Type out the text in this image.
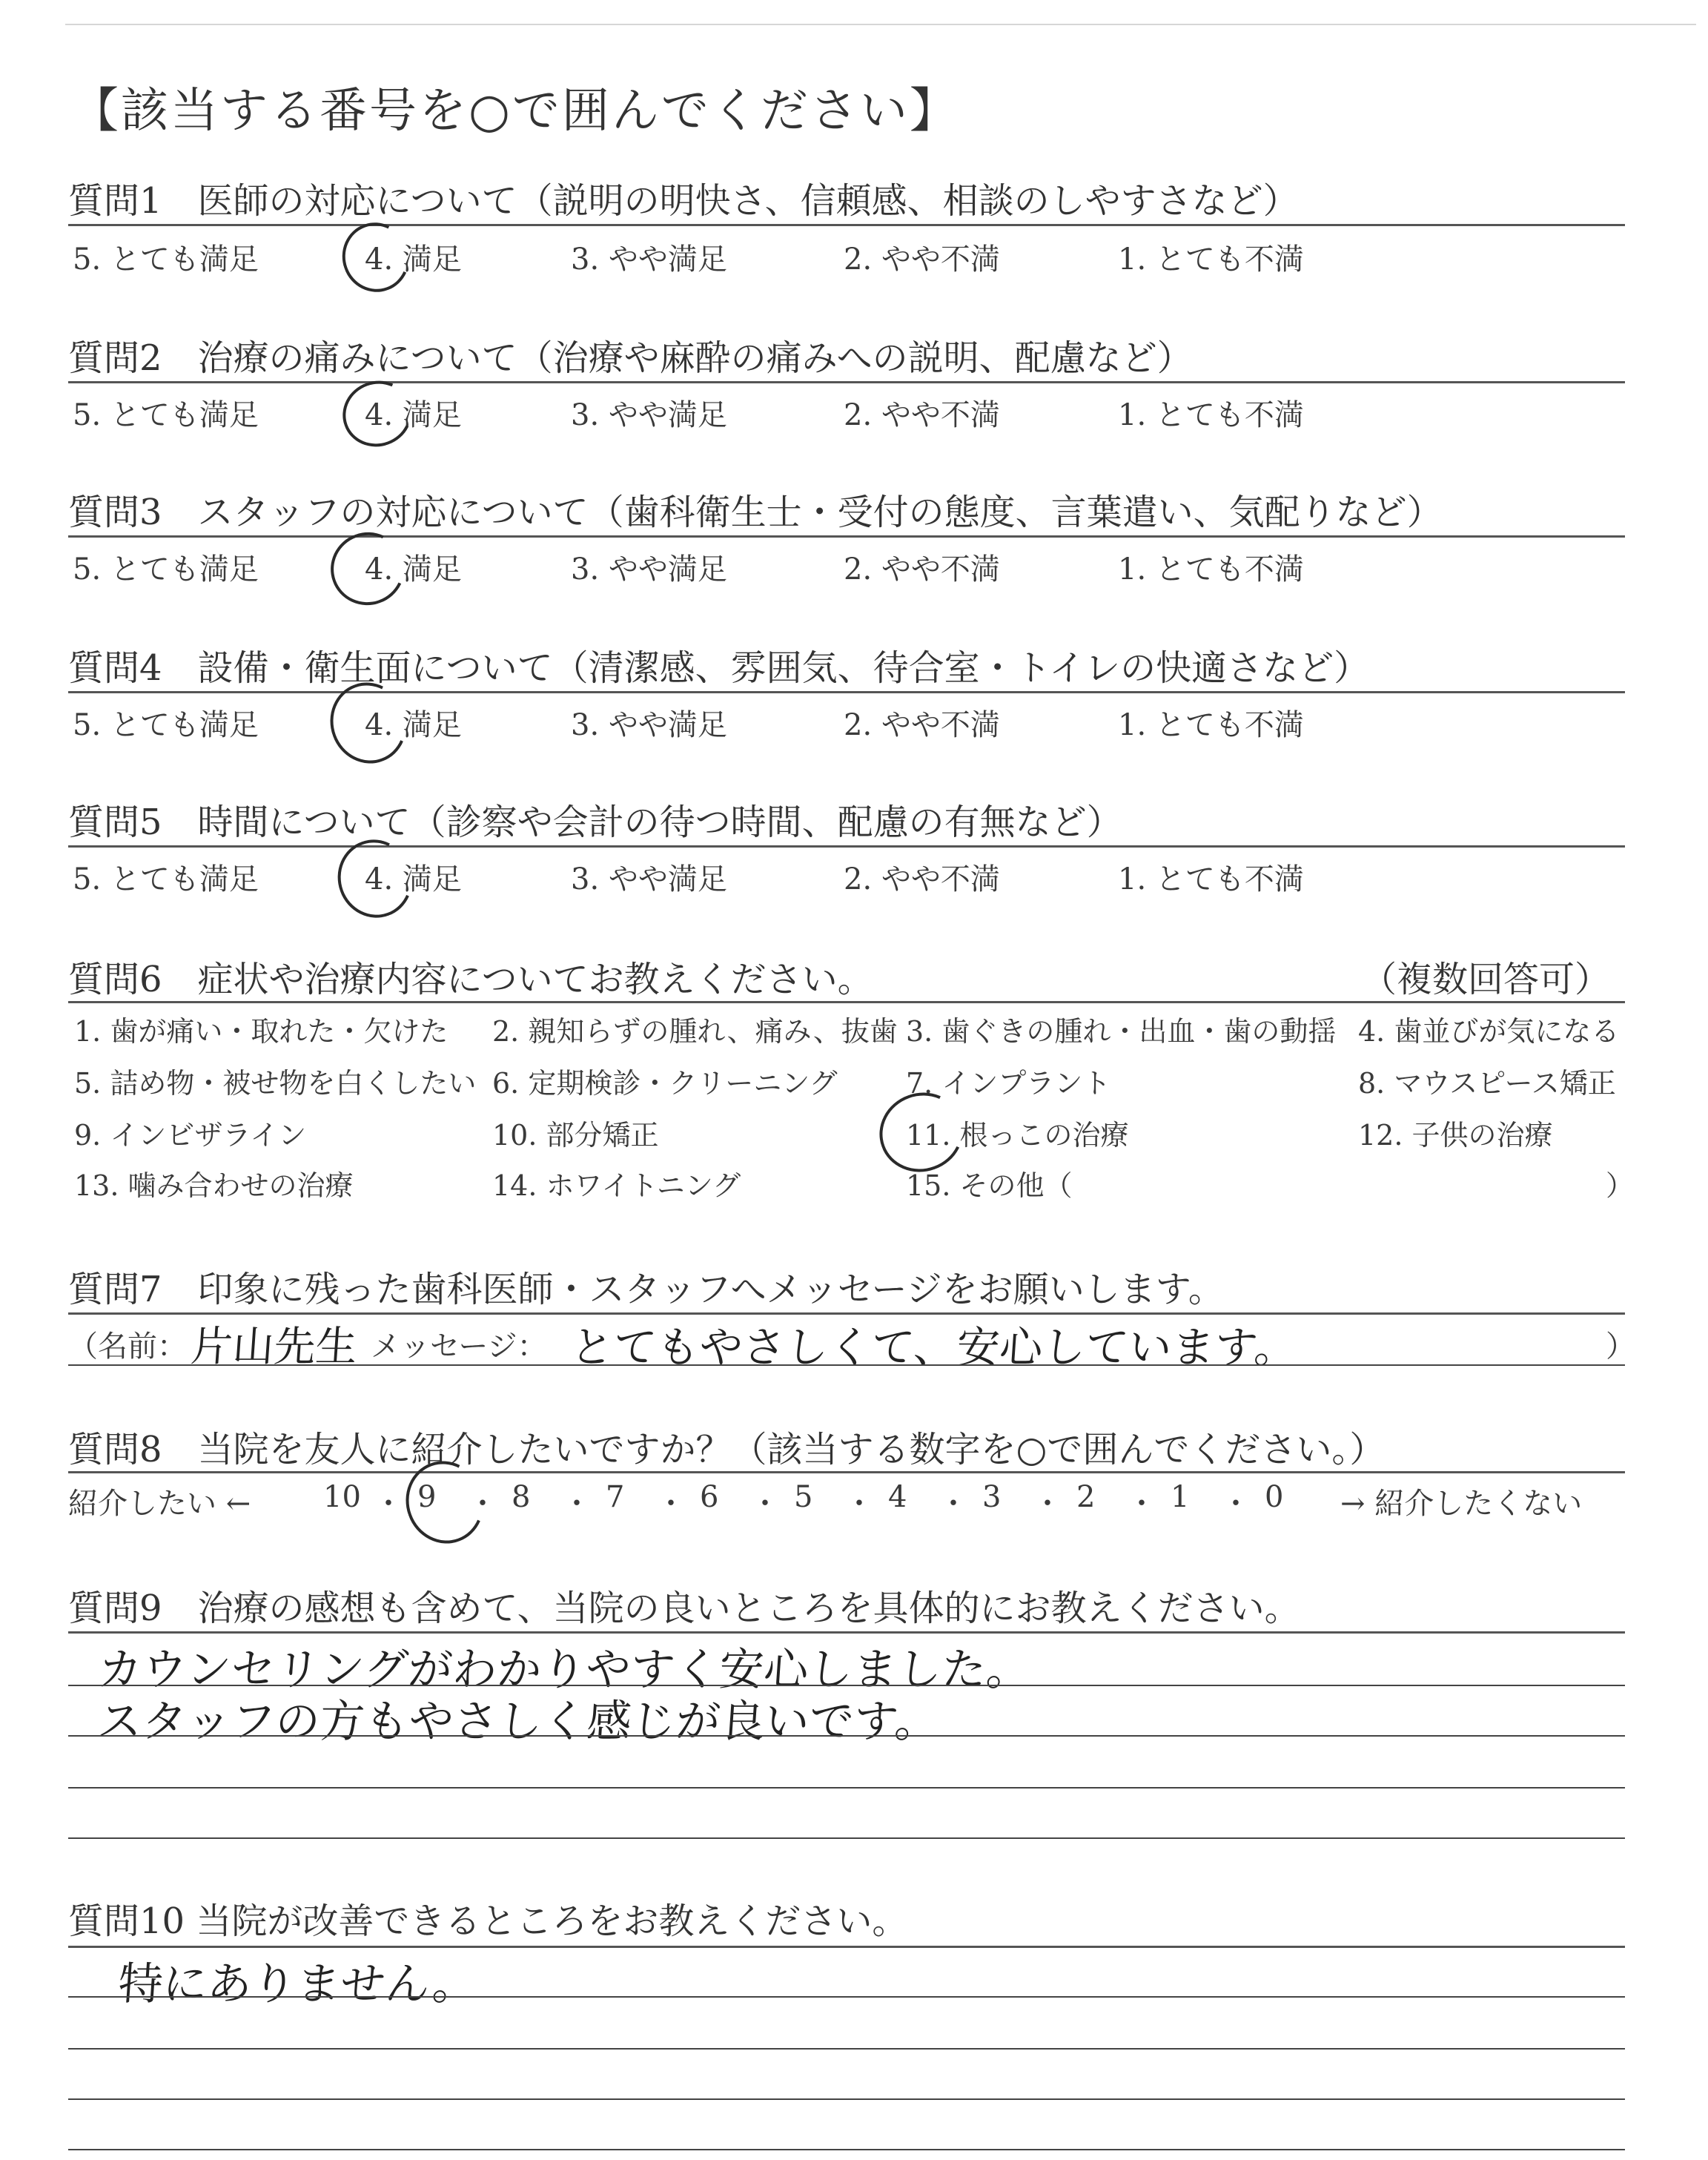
【該当する番号を○で囲んでください】
質問1　医師の対応について（説明の明快さ、信頼感、相談のしやすさなど）
5. とても満足	4. 満足	3. やや満足	2. やや不満	1. とても不満
質問2　治療の痛みについて（治療や麻酔の痛みへの説明、配慮など）
5. とても満足	4. 満足	3. やや満足	2. やや不満	1. とても不満
質問3　スタッフの対応について（歯科衛生士・受付の態度、言葉遣い、気配りなど）
5. とても満足	4. 満足	3. やや満足	2. やや不満	1. とても不満
質問4　設備・衛生面について（清潔感、雰囲気、待合室・トイレの快適さなど）
5. とても満足	4. 満足	3. やや満足	2. やや不満	1. とても不満
質問5　時間について（診察や会計の待つ時間、配慮の有無など）
5. とても満足	4. 満足	3. やや満足	2. やや不満	1. とても不満
質問6　症状や治療内容についてお教えください。	（複数回答可）
1. 歯が痛い・取れた・欠けた 2. 親知らずの腫れ、痛み、抜歯 3. 歯ぐきの腫れ・出血・歯の動揺 4. 歯並びが気になる
5. 詰め物・被せ物を白くしたい 6. 定期検診・クリーニング 7. インプラント	8. マウスピース矯正
9. インビザライン	10. 部分矯正	11. 根っこの治療	12. 子供の治療
13. 噛み合わせの治療	14. ホワイトニング	15. その他（	）
質問7　印象に残った歯科医師・スタッフへメッセージをお願いします。
（名前： 片山先生 メッセージ： とてもやさしくて、安心しています。	）
質問8　当院を友人に紹介したいですか？（該当する数字を○で囲んでください。）
紹介したい ←	→ 紹介したくない
10 ・ 9 ・ 8 ・ 7 ・ 6 ・ 5 ・ 4 ・ 3 ・ 2 ・ 1 ・ 0
質問9　治療の感想も含めて、当院の良いところを具体的にお教えください。
カウンセリングがわかりやすく安心しました。
スタッフの方もやさしく感じが良いです。
質問10 当院が改善できるところをお教えください。
特にありません。
